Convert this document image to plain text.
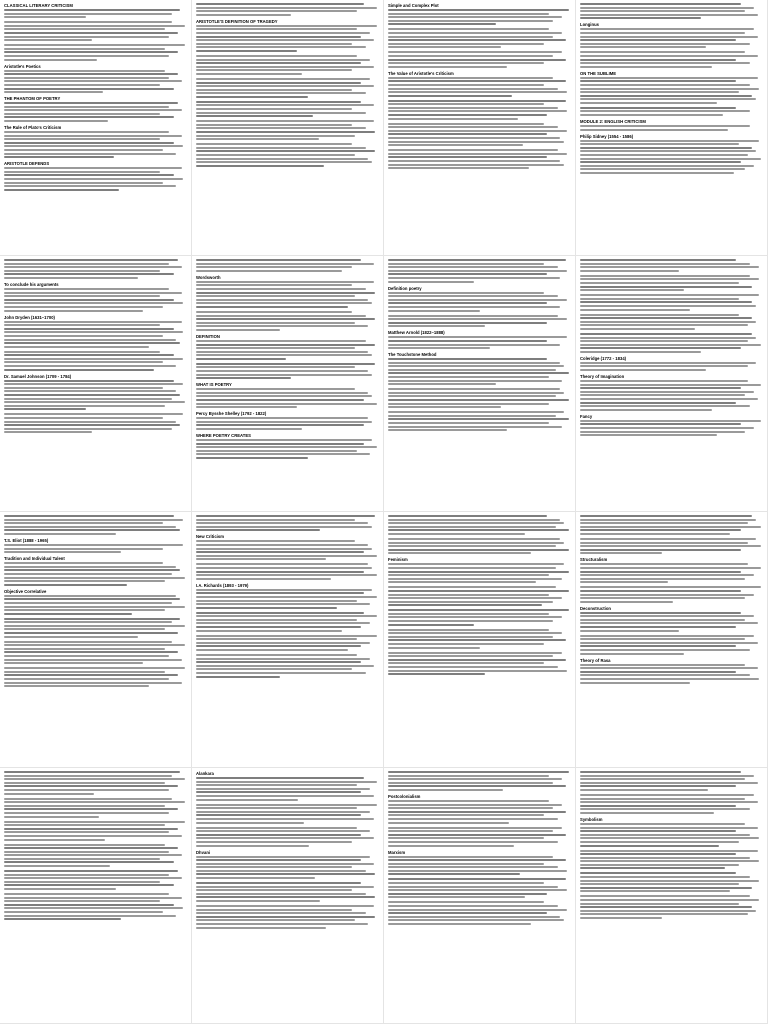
CLASSICAL LITERARY CRITICISM
Aristotle's Poetics
THE PHANTOM OF POETRY
The Rule of Plato's Criticism
ARISTOTLE DEFENDS
ARISTOTLE'S DEFINITION OF TRAGEDY
Simple and Complex Plot
The Value of Aristotle's Criticism
Longinus
ON THE SUBLIME
MODULE 2: ENGLISH CRITICISM
Philip Sidney (1554 - 1586)
To conclude his arguments
John Dryden (1631–1700)
Dr. Samuel Johnson (1709 - 1784)
Wordsworth
DEFINITION
WHAT IS POETRY
Percy Bysshe Shelley (1792 - 1822)
WHERE POETRY CREATES
Definition poetry
Matthew Arnold (1822–1888)
The Touchstone Method
Coleridge (1772 - 1834)
Theory of Imagination
Fancy
T.S. Eliot (1888 - 1965)
Tradition and Individual Talent
Objective Correlative
New Criticism
I.A. Richards (1893 - 1979)
Feminism	Structuralism
Deconstruction
Theory of Rasa
Alankara
Dhvani
Postcolonialism
Marxism
Symbolism
